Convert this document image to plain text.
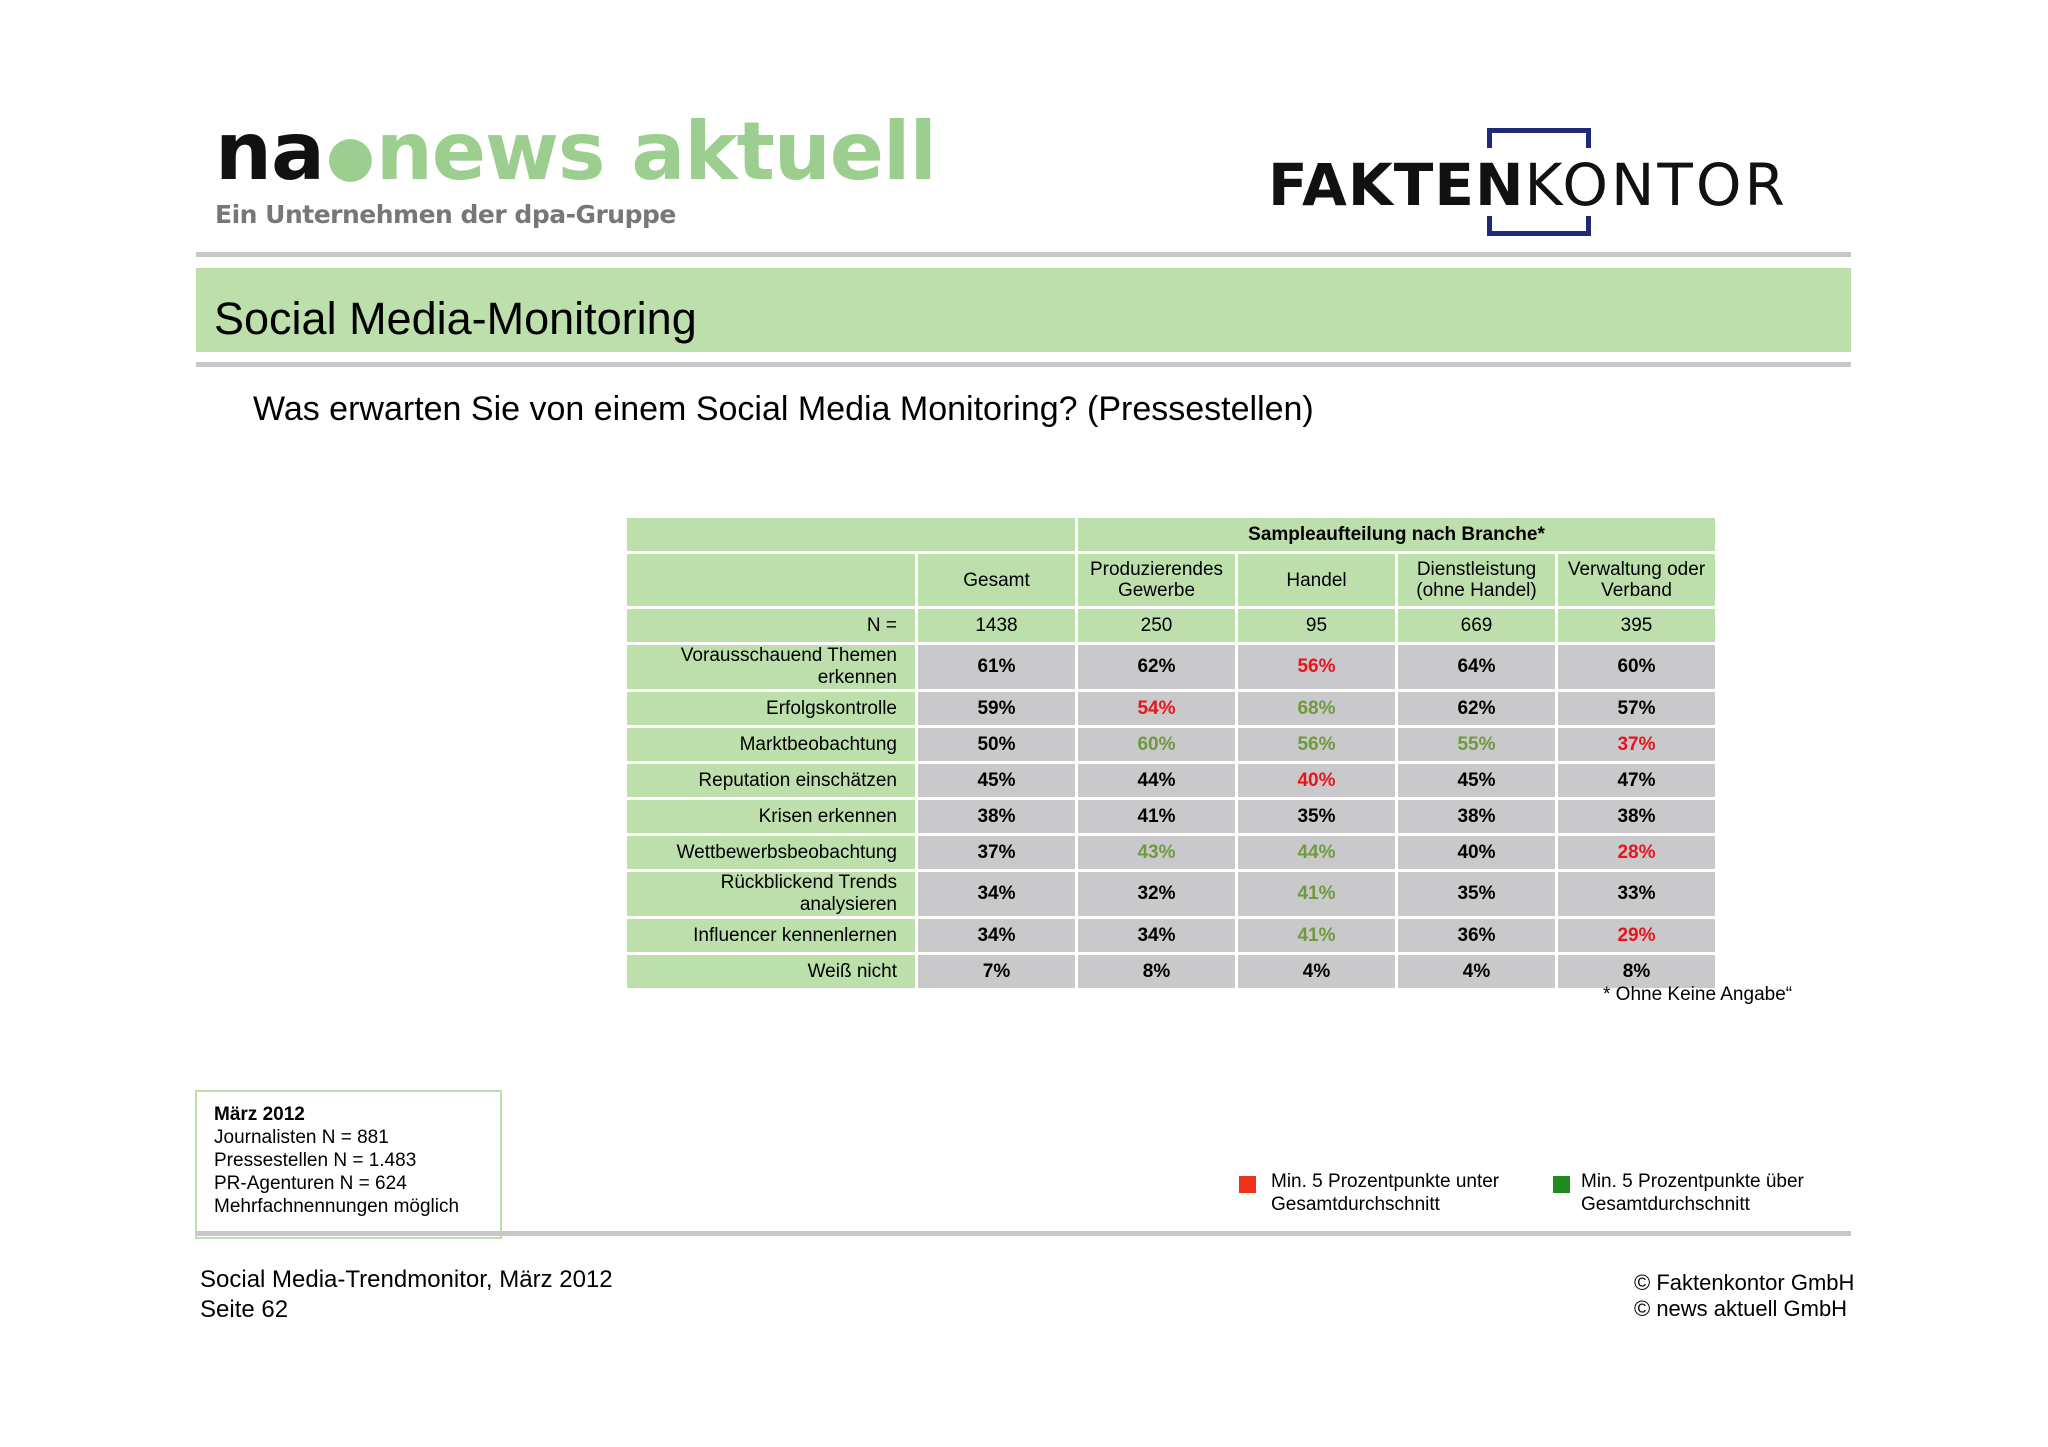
na●news aktuell
Ein Unternehmen der dpa-Gruppe	FAKTENKONTOR
Social Media-Monitoring
Was erwarten Sie von einem Social Media Monitoring? (Pressestellen)
		Sampleaufteilung nach Branche*			
	Gesamt	Produzierendes Gewerbe	Handel	Dienstleistung (ohne Handel)	Verwaltung oder Verband
N =	1438	250	95	669	395
Vorausschauend Themen erkennen	61%	62%	56%	64%	60%
Erfolgskontrolle	59%	54%	68%	62%	57%
Marktbeobachtung	50%	60%	56%	55%	37%
Reputation einschätzen	45%	44%	40%	45%	47%
Krisen erkennen	38%	41%	35%	38%	38%
Wettbewerbsbeobachtung	37%	43%	44%	40%	28%
Rückblickend Trends analysieren	34%	32%	41%	35%	33%
Influencer kennenlernen	34%	34%	41%	36%	29%
Weiß nicht	7%	8%	4%	4%	8%
* Ohne Keine Angabe“
März 2012
Journalisten N = 881
Pressestellen N = 1.483
PR-Agenturen N = 624
Mehrfachnennungen möglich
Min. 5 Prozentpunkte unter
Gesamtdurchschnitt
Min. 5 Prozentpunkte über
Gesamtdurchschnitt
Social Media-Trendmonitor, März 2012
Seite 62
© Faktenkontor GmbH
© news aktuell GmbH
